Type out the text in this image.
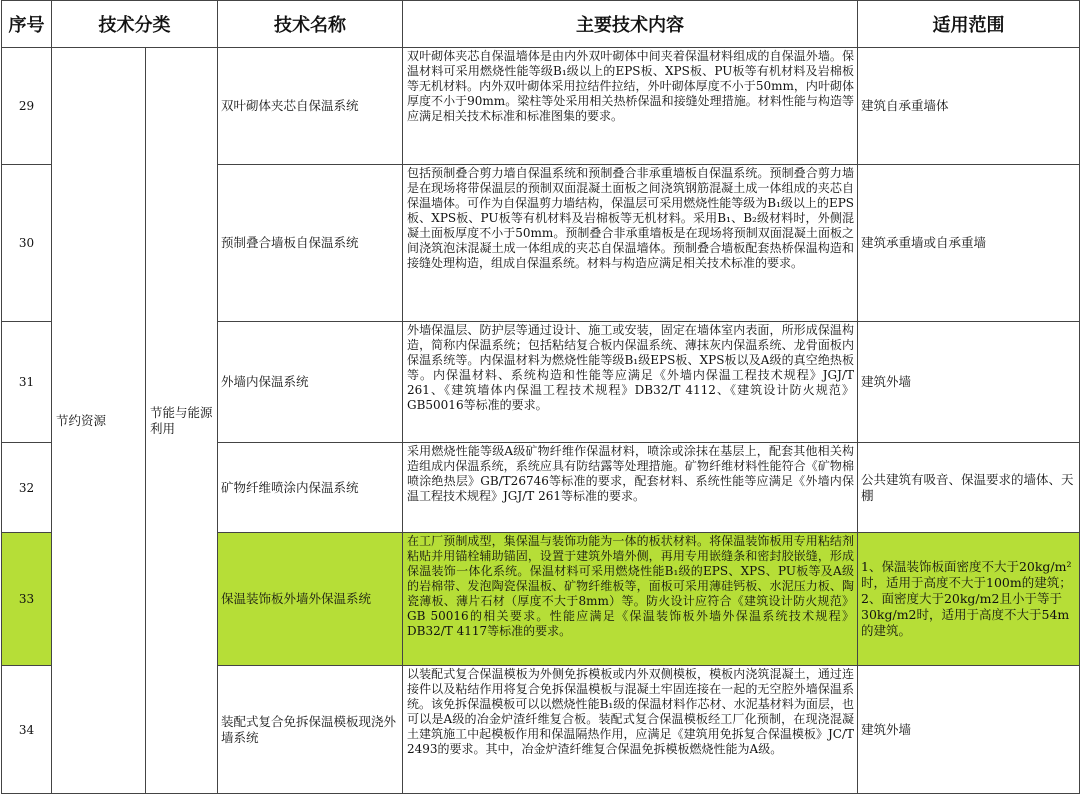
序号	技术分类		技术名称	主要技术内容	适用范围
29	节约资源	节能与能源利用	双叶砌体夹芯自保温系统	双叶砌体夹芯自保温墙体是由内外双叶砌体中间夹着保温材料组成的自保温外墙。保温材料可采用燃烧性能等级B₁级以上的EPS板、XPS板、PU板等有机材料及岩棉板等无机材料。内外双叶砌体采用拉结件拉结，外叶砌体厚度不小于50mm，内叶砌体厚度不小于90mm。梁柱等处采用相关热桥保温和接缝处理措施。材料性能与构造等应满足相关技术标准和标准图集的要求。	建筑自承重墙体
30			预制叠合墙板自保温系统	包括预制叠合剪力墙自保温系统和预制叠合非承重墙板自保温系统。预制叠合剪力墙是在现场将带保温层的预制双面混凝土面板之间浇筑钢筋混凝土成一体组成的夹芯自保温墙体。可作为自保温剪力墙结构，保温层可采用燃烧性能等级为B₁级以上的EPS板、XPS板、PU板等有机材料及岩棉板等无机材料。采用B₁、B₂级材料时，外侧混凝土面板厚度不小于50mm。预制叠合非承重墙板是在现场将预制双面混凝土面板之间浇筑泡沫混凝土成一体组成的夹芯自保温墙体。预制叠合墙板配套热桥保温构造和接缝处理构造，组成自保温系统。材料与构造应满足相关技术标准的要求。	建筑承重墙或自承重墙
31			外墙内保温系统	外墙保温层、防护层等通过设计、施工或安装，固定在墙体室内表面，所形成保温构造，简称内保温系统；包括粘结复合板内保温系统、薄抹灰内保温系统、龙骨面板内保温系统等。内保温材料为燃烧性能等级B₁级EPS板、XPS板以及A级的真空绝热板等。内保温材料、系统构造和性能等应满足《外墙内保温工程技术规程》JGJ/T 261、《建筑墙体内保温工程技术规程》DB32/T 4112、《建筑设计防火规范》GB50016等标准的要求。	建筑外墙
32			矿物纤维喷涂内保温系统	采用燃烧性能等级A级矿物纤维作保温材料，喷涂或涂抹在基层上，配套其他相关构造组成内保温系统，系统应具有防结露等处理措施。矿物纤维材料性能符合《矿物棉喷涂绝热层》GB/T26746等标准的要求，配套材料、系统性能等应满足《外墙内保温工程技术规程》JGJ/T 261等标准的要求。	公共建筑有吸音、保温要求的墙体、天棚
33			保温装饰板外墙外保温系统	在工厂预制成型，集保温与装饰功能为一体的板状材料。将保温装饰板用专用粘结剂粘贴并用锚栓辅助锚固，设置于建筑外墙外侧，再用专用嵌缝条和密封胶嵌缝，形成保温装饰一体化系统。保温材料可采用燃烧性能B₁级的EPS、XPS、PU板等及A级的岩棉带、发泡陶瓷保温板、矿物纤维板等，面板可采用薄硅钙板、水泥压力板、陶瓷薄板、薄片石材（厚度不大于8mm）等。防火设计应符合《建筑设计防火规范》GB 50016的相关要求。性能应满足《保温装饰板外墙外保温系统技术规程》DB32/T 4117等标准的要求。	1、保温装饰板面密度不大于20kg/m²时，适用于高度不大于100m的建筑；2、面密度大于20kg/m2且小于等于30kg/m2时，适用于高度不大于54m的建筑。
34			装配式复合免拆保温模板现浇外墙系统	以装配式复合保温模板为外侧免拆模板或内外双侧模板，模板内浇筑混凝土，通过连接件以及粘结作用将复合免拆保温模板与混凝土牢固连接在一起的无空腔外墙保温系统。该免拆保温模板可以以燃烧性能B₁级的保温材料作芯材、水泥基材料为面层，也可以是A级的冶金炉渣纤维复合板。装配式复合保温模板经工厂化预制，在现浇混凝土建筑施工中起模板作用和保温隔热作用，应满足《建筑用免拆复合保温模板》JC/T 2493的要求。其中，冶金炉渣纤维复合保温免拆模板燃烧性能为A级。	建筑外墙
